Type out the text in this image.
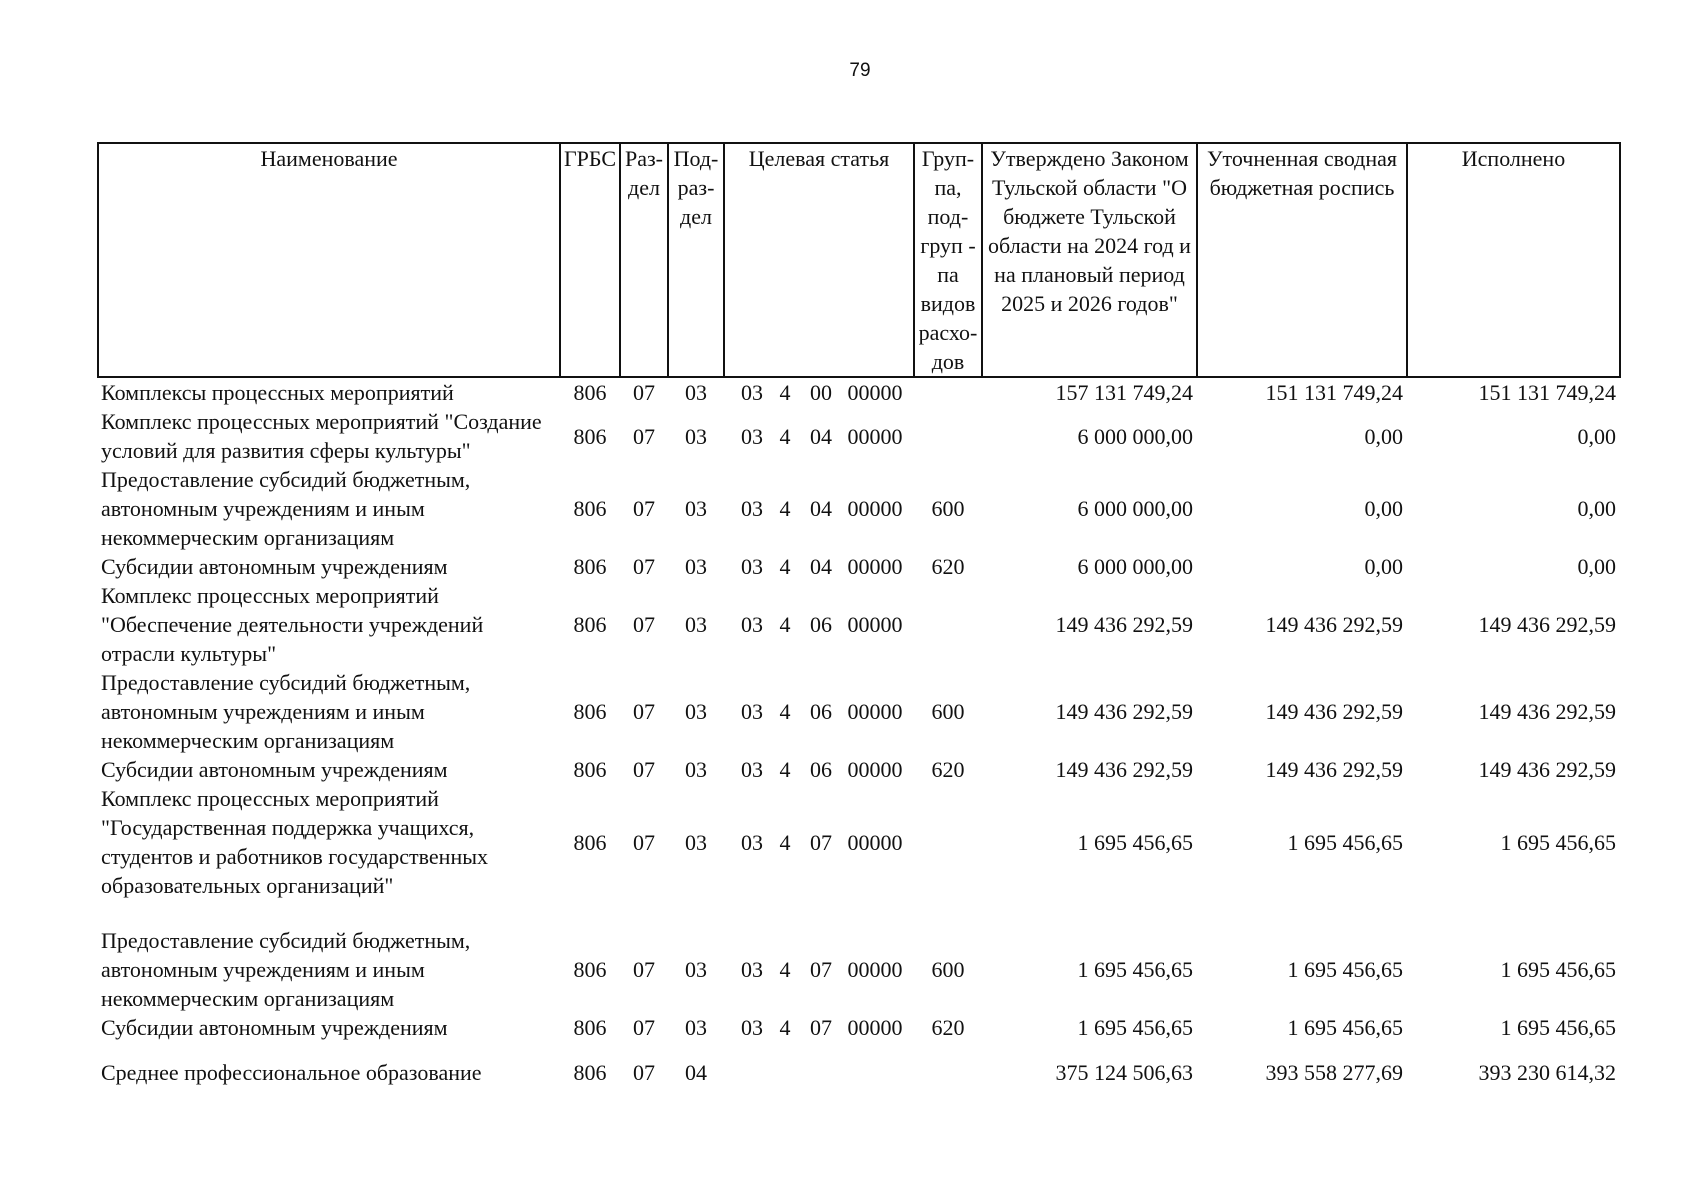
79
Наименование	ГРБС	Раз-дел	Под-раз-дел	Целевая статья	Груп-па, под-груп - па видов расхо-дов	Утверждено Законом Тульской области "О бюджете Тульской области на 2024 год и на плановый период 2025 и 2026 годов"	Уточненная сводная бюджетная роспись	Исполнено
Комплексы процессных мероприятий	806	07	03	03 4 00 00000		157 131 749,24	151 131 749,24	151 131 749,24
Комплекс процессных мероприятий "Создание условий для развития сферы культуры"	806	07	03	03 4 04 00000		6 000 000,00	0,00	0,00
Предоставление субсидий бюджетным, автономным учреждениям и иным некоммерческим организациям	806	07	03	03 4 04 00000	600	6 000 000,00	0,00	0,00
Субсидии автономным учреждениям	806	07	03	03 4 04 00000	620	6 000 000,00	0,00	0,00
Комплекс процессных мероприятий "Обеспечение деятельности учреждений отрасли культуры"	806	07	03	03 4 06 00000		149 436 292,59	149 436 292,59	149 436 292,59
Предоставление субсидий бюджетным, автономным учреждениям и иным некоммерческим организациям	806	07	03	03 4 06 00000	600	149 436 292,59	149 436 292,59	149 436 292,59
Субсидии автономным учреждениям	806	07	03	03 4 06 00000	620	149 436 292,59	149 436 292,59	149 436 292,59
Комплекс процессных мероприятий "Государственная поддержка учащихся, студентов и работников государственных образовательных организаций"	806	07	03	03 4 07 00000		1 695 456,65	1 695 456,65	1 695 456,65
Предоставление субсидий бюджетным, автономным учреждениям и иным некоммерческим организациям	806	07	03	03 4 07 00000	600	1 695 456,65	1 695 456,65	1 695 456,65
Субсидии автономным учреждениям	806	07	03	03 4 07 00000	620	1 695 456,65	1 695 456,65	1 695 456,65
Среднее профессиональное образование	806	07	04			375 124 506,63	393 558 277,69	393 230 614,32
